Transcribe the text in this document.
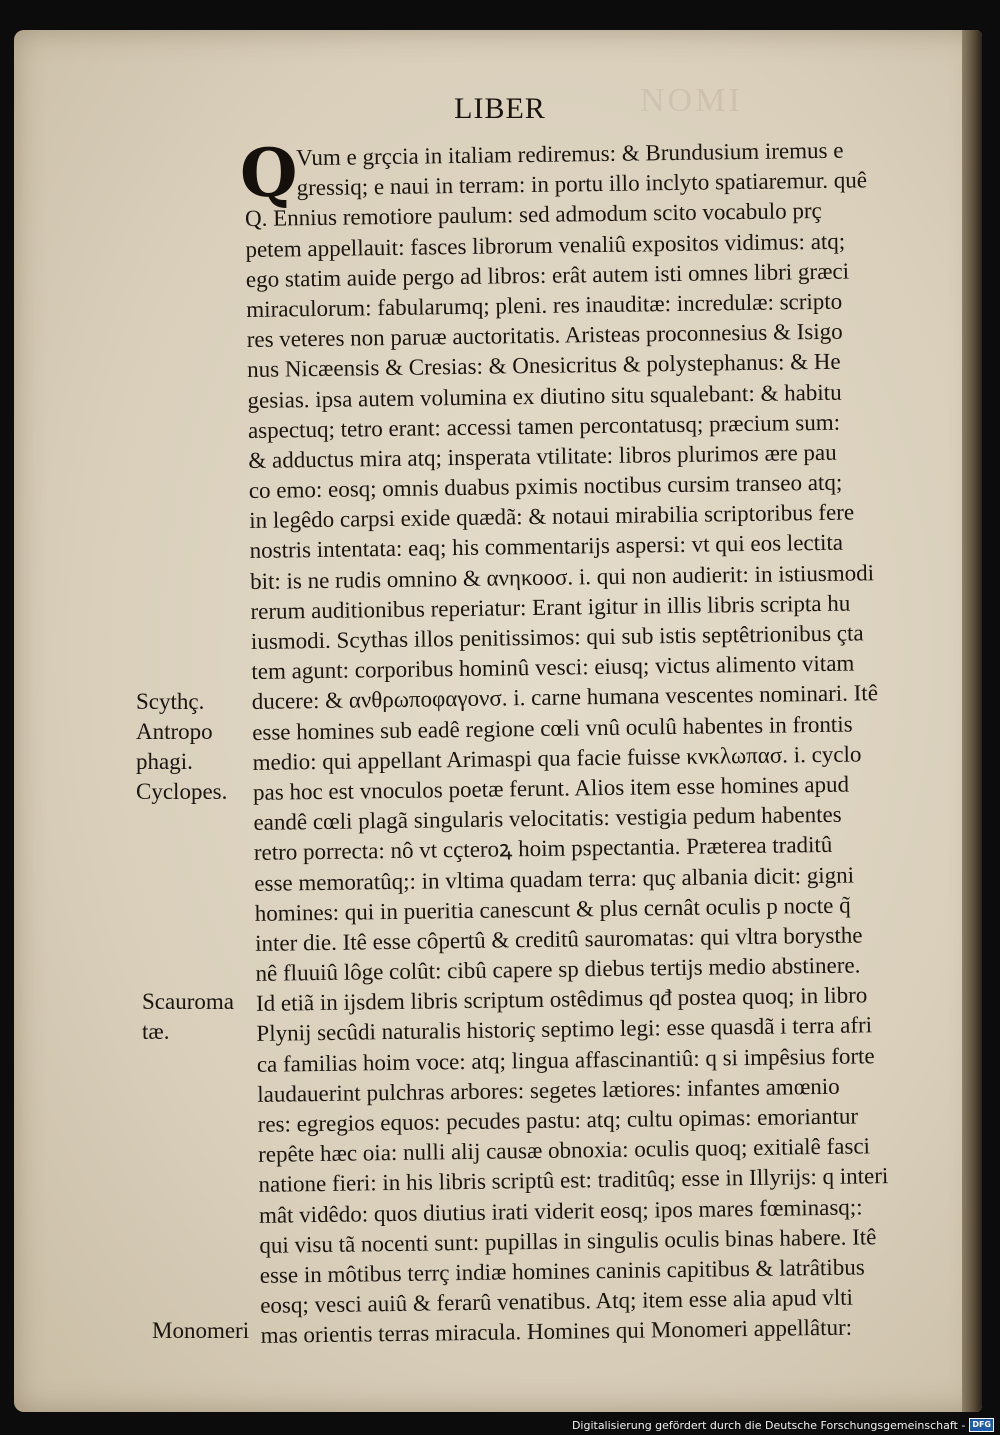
NOMI
LIBER
Q
Vum e grçcia in italiam rediremus: & Brundusium iremus e
gressiq; e naui in terram: in portu illo inclyto spatiaremur. quê
Q. Ennius remotiore paulum: sed admodum scito vocabulo prç
petem appellauit: fasces librorum venaliû expositos vidimus: atq;
ego statim auide pergo ad libros: erât autem isti omnes libri græci
miraculorum: fabularumq; pleni. res inauditæ: incredulæ: scripto
res veteres non paruæ auctoritatis. Aristeas proconnesius & Isigo
nus Nicæensis & Cresias: & Onesicritus & polystephanus: & He
gesias. ipsa autem volumina ex diutino situ squalebant: & habitu
aspectuq; tetro erant: accessi tamen percontatusq; præcium sum:
& adductus mira atq; insperata vtilitate: libros plurimos ære pau
co emo: eosq; omnis duabus pximis noctibus cursim transeo atq;
in legêdo carpsi exide quædã: & notaui mirabilia scriptoribus fere
nostris intentata: eaq; his commentarijs aspersi: vt qui eos lectita
bit: is ne rudis omnino & ανηκοοσ. i. qui non audierit: in istiusmodi
rerum auditionibus reperiatur: Erant igitur in illis libris scripta hu
iusmodi. Scythas illos penitissimos: qui sub istis septêtrionibus çta
tem agunt: corporibus hominû vesci: eiusq; victus alimento vitam
ducere: & ανθρωποφαγονσ. i. carne humana vescentes nominari. Itê
esse homines sub eadê regione cœli vnû oculû habentes in frontis
medio: qui appellant Arimaspi qua facie fuisse κνκλωπασ. i. cyclo
pas hoc est vnoculos poetæ ferunt. Alios item esse homines apud
eandê cœli plagã singularis velocitatis: vestigia pedum habentes
retro porrecta: nô vt cçteroꝝ hoim pspectantia. Præterea traditû
esse memoratûq;: in vltima quadam terra: quç albania dicit: gigni
homines: qui in pueritia canescunt & plus cernât oculis p nocte q̃
inter die. Itê esse côpertû & creditû sauromatas: qui vltra borysthe
nê fluuiû lôge colût: cibû capere sp diebus tertijs medio abstinere.
Id etiã in ijsdem libris scriptum ostêdimus qđ postea quoq; in libro
Plynij secûdi naturalis historiç septimo legi: esse quasdã i terra afri
ca familias hoim voce: atq; lingua affascinantiû: q si impêsius forte
laudauerint pulchras arbores: segetes lætiores: infantes amœnio
res: egregios equos: pecudes pastu: atq; cultu opimas: emoriantur
repête hæc oia: nulli alij causæ obnoxia: oculis quoq; exitialê fasci
natione fieri: in his libris scriptû est: traditûq; esse in Illyrijs: q interi
mât vidêdo: quos diutius irati viderit eosq; ipos mares fœminasq;:
qui visu tã nocenti sunt: pupillas in singulis oculis binas habere. Itê
esse in môtibus terrç indiæ homines caninis capitibus & latrâtibus
eosq; vesci auiû & ferarû venatibus. Atq; item esse alia apud vlti
mas orientis terras miracula. Homines qui Monomeri appellâtur:
Scythç.
Antropo
phagi.
Cyclopes.
Scauroma
tæ.
Monomeri
Digitalisierung gefördert durch die Deutsche Forschungsgemeinschaft - DFG
